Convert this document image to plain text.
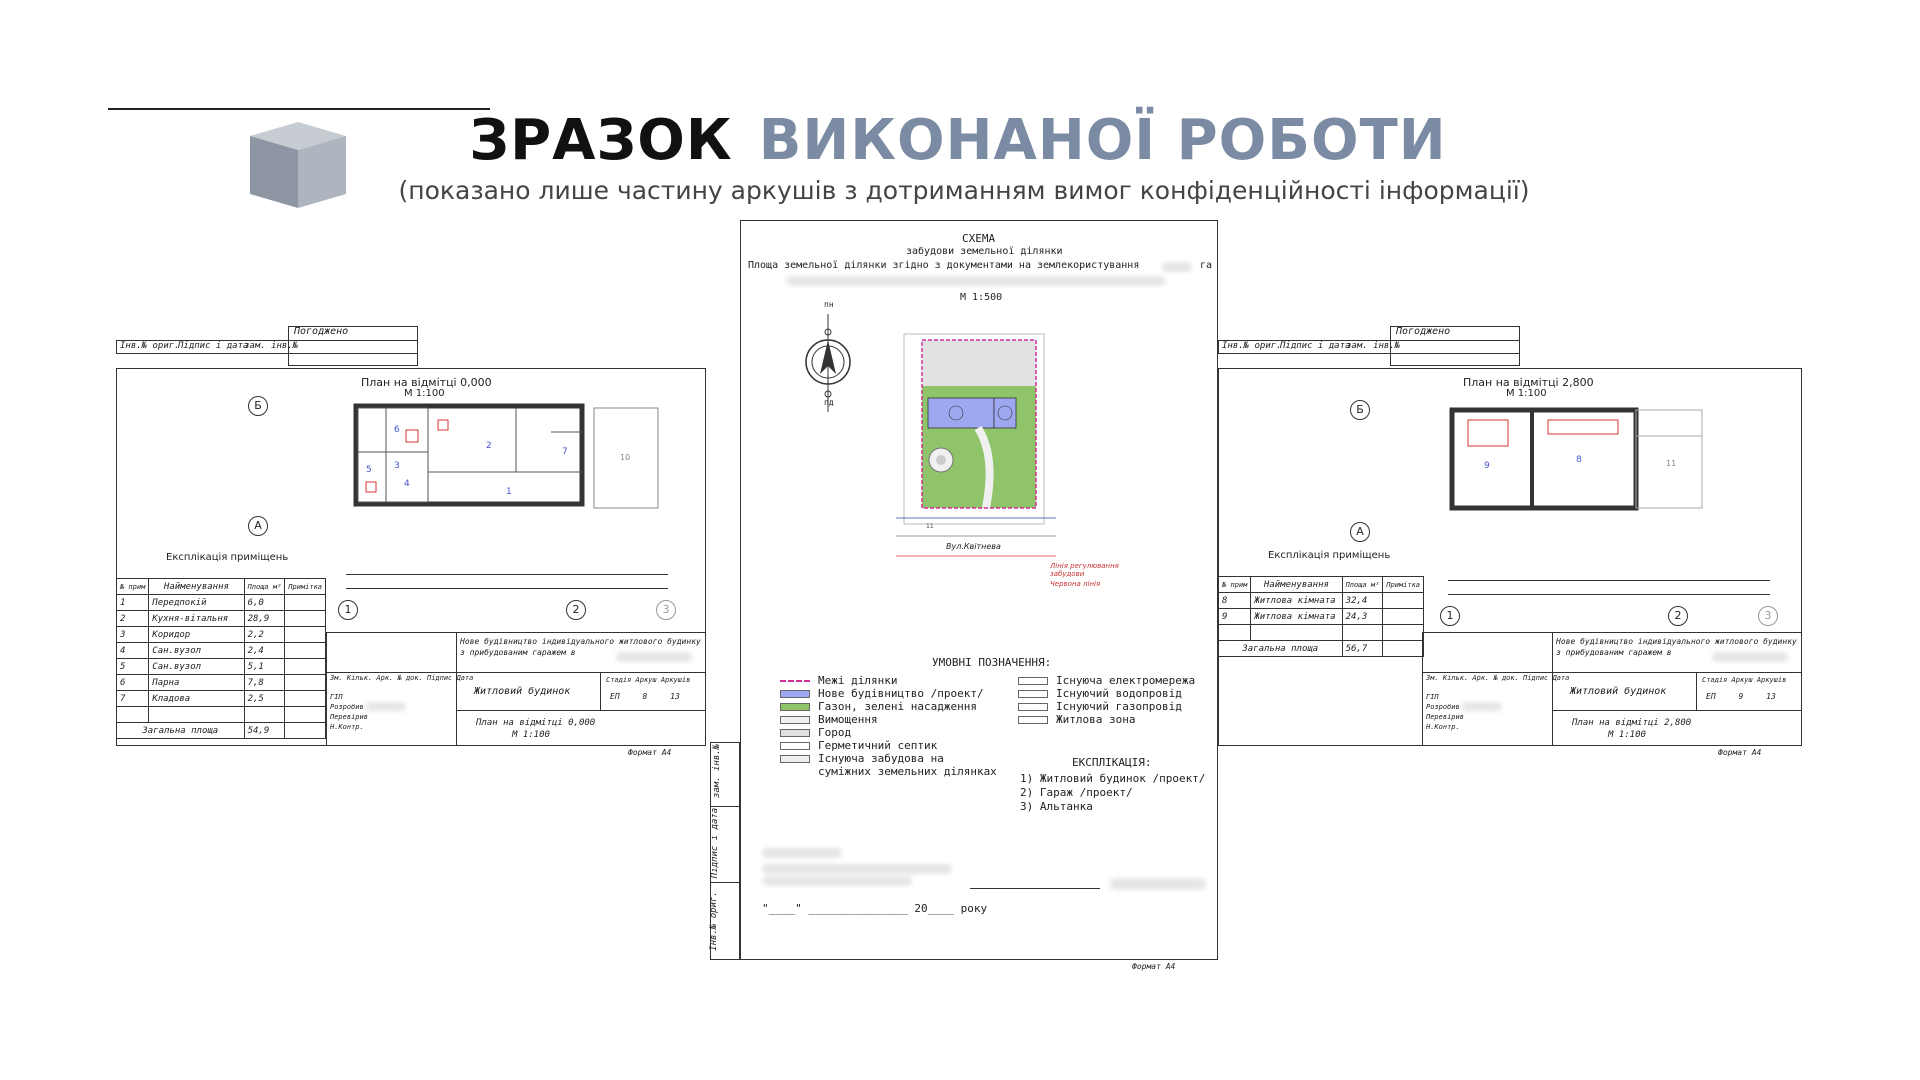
ЗРАЗОК ВИКОНАНОЇ РОБОТИ
(показано лише частину аркушів з дотриманням вимог конфіденційності інформації)
Погоджено
Інв.№ ориг.
Підпис і дата
зам. інв.№
План на відмітці 0,000
М 1:100
6
2
3
5
4
1
7
10
Б
А
1	2	3
Експлікація приміщень
№ прим	Найменування	Площа м²	Примітка
1	Передпокій	6,0	
2	Кухня-вітальня	28,9	
3	Коридор	2,2	
4	Сан.вузол	2,4	
5	Сан.вузол	5,1	
6	Парна	7,8	
7	Кладова	2,5	

Загальна площа		54,9	
Зм. Кільк. Арк. № док. Підпис Дата
ГІП
Розробив
Перевірив
Н.Контр.
Нове будівництво індивідуального житлового будинку з прибудованим гаражем в
Житловий будинок
Стадія Аркуш Аркушів
ЕП	8	13
План на відмітці 0,000
М 1:100
Формат А4	зам. інв.№
Підпис і дата
Інв.№ ориг.
СХЕМА
забудови земельної ділянки
Площа земельної ділянки згідно з документами на землекористування	га
М 1:500
пн
пд
11
Вул.Квітнева
Лінія регулювання забудови
Червона лінія
УМОВНІ ПОЗНАЧЕННЯ:
Межі ділянки
Нове будівництво /проект/
Газон, зелені насадження
Вимощення
Город
Герметичний септик
Існуюча забудова на
суміжних земельних ділянках
Існуюча електромережа
Існуючий водопровід
Існуючий газопровід
Житлова зона
ЕКСПЛІКАЦІЯ:
1) Житловий будинок /проект/
2) Гараж /проект/
3) Альтанка
"____" _______________ 20____ року
Формат А4
Погоджено
Інв.№ ориг.
Підпис і дата
зам. інв.№
План на відмітці 2,800
М 1:100
9
8	11
Б
А
1	2	3
Експлікація приміщень
№ прим	Найменування	Площа м²	Примітка
8	Житлова кімната	32,4	
9	Житлова кімната	24,3	

Загальна площа		56,7	
Зм. Кільк. Арк. № док. Підпис Дата
ГІП
Розробив
Перевірив
Н.Контр.
Нове будівництво індивідуального житлового будинку з прибудованим гаражем в
Житловий будинок
Стадія Аркуш Аркушів
ЕП	9	13
План на відмітці 2,800
М 1:100
Формат А4
